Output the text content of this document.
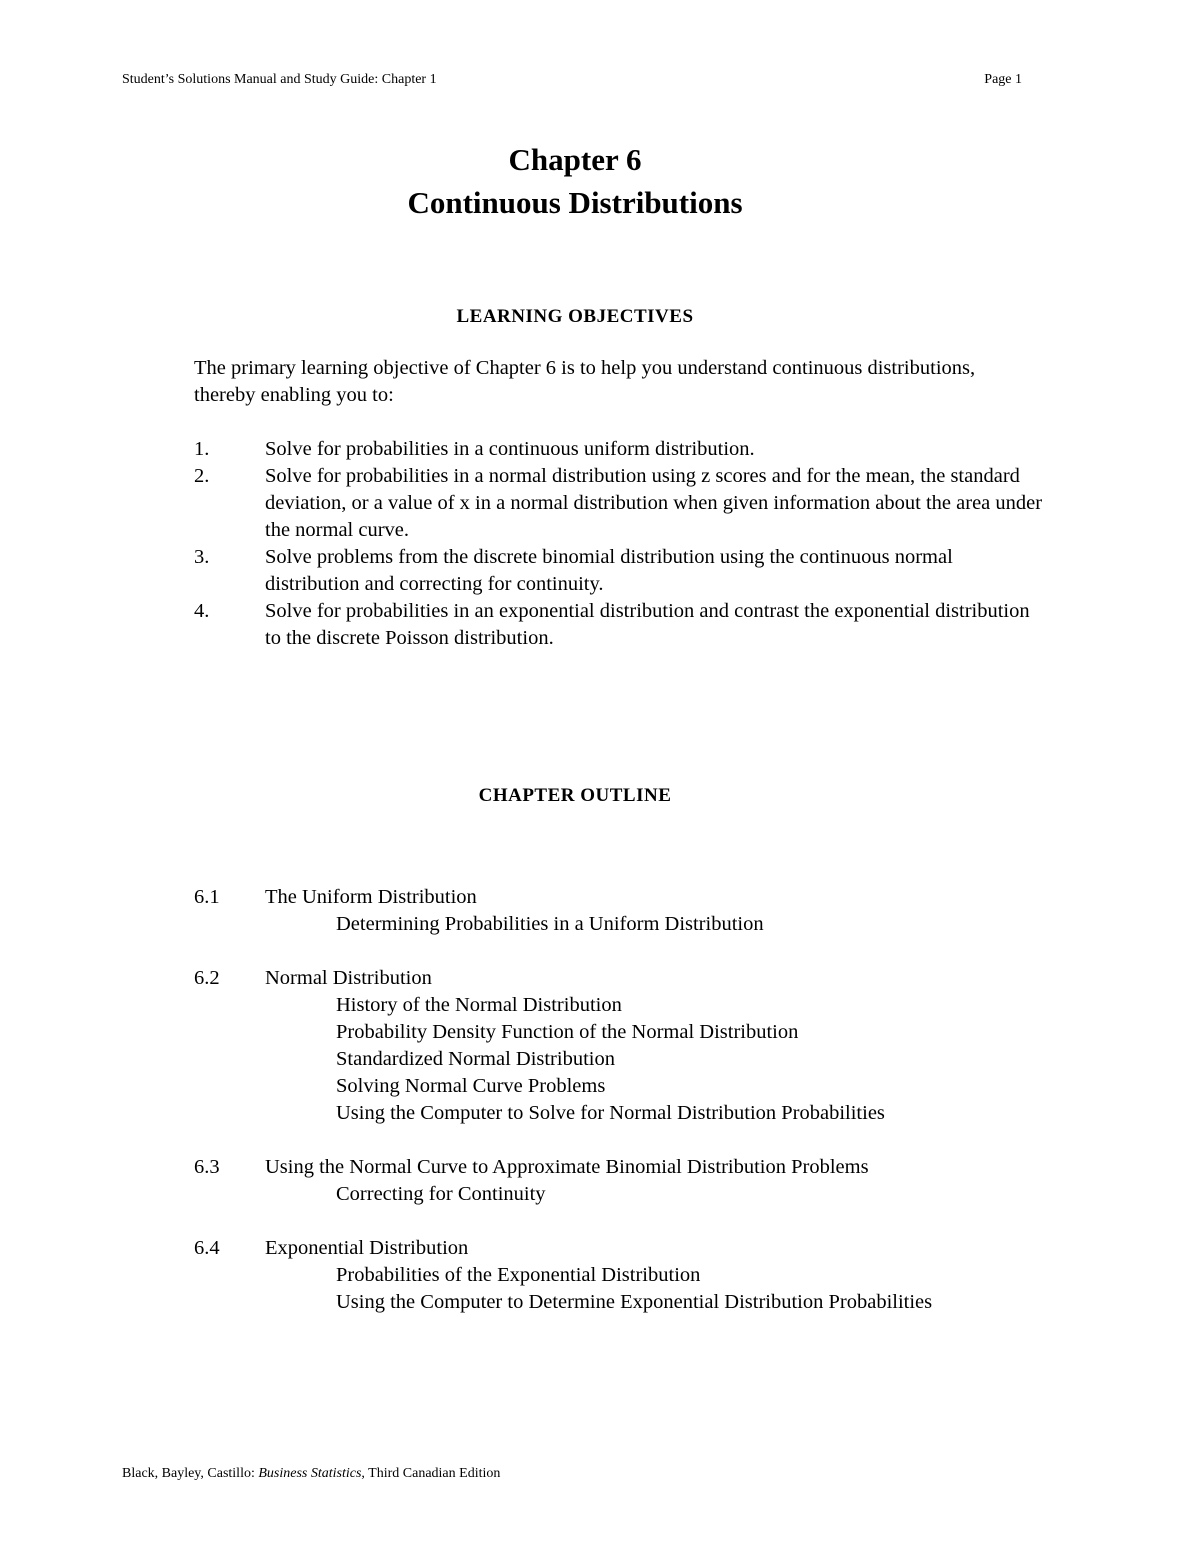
Student’s Solutions Manual and Study Guide: Chapter 1	Page 1
Chapter 6
Continuous Distributions
LEARNING OBJECTIVES
The primary learning objective of Chapter 6 is to help you understand continuous distributions, thereby enabling you to:
1.	Solve for probabilities in a continuous uniform distribution.
2.	Solve for probabilities in a normal distribution using z scores and for the mean, the standard deviation, or a value of x in a normal distribution when given information about the area under the normal curve.
3.	Solve problems from the discrete binomial distribution using the continuous normal distribution and correcting for continuity.
4.	Solve for probabilities in an exponential distribution and contrast the exponential distribution to the discrete Poisson distribution.
CHAPTER OUTLINE
6.1	The Uniform Distribution
Determining Probabilities in a Uniform Distribution
6.2	Normal Distribution
History of the Normal Distribution
Probability Density Function of the Normal Distribution
Standardized Normal Distribution
Solving Normal Curve Problems
Using the Computer to Solve for Normal Distribution Probabilities
6.3	Using the Normal Curve to Approximate Binomial Distribution Problems
Correcting for Continuity
6.4	Exponential Distribution
Probabilities of the Exponential Distribution
Using the Computer to Determine Exponential Distribution Probabilities
Black, Bayley, Castillo: Business Statistics, Third Canadian Edition
